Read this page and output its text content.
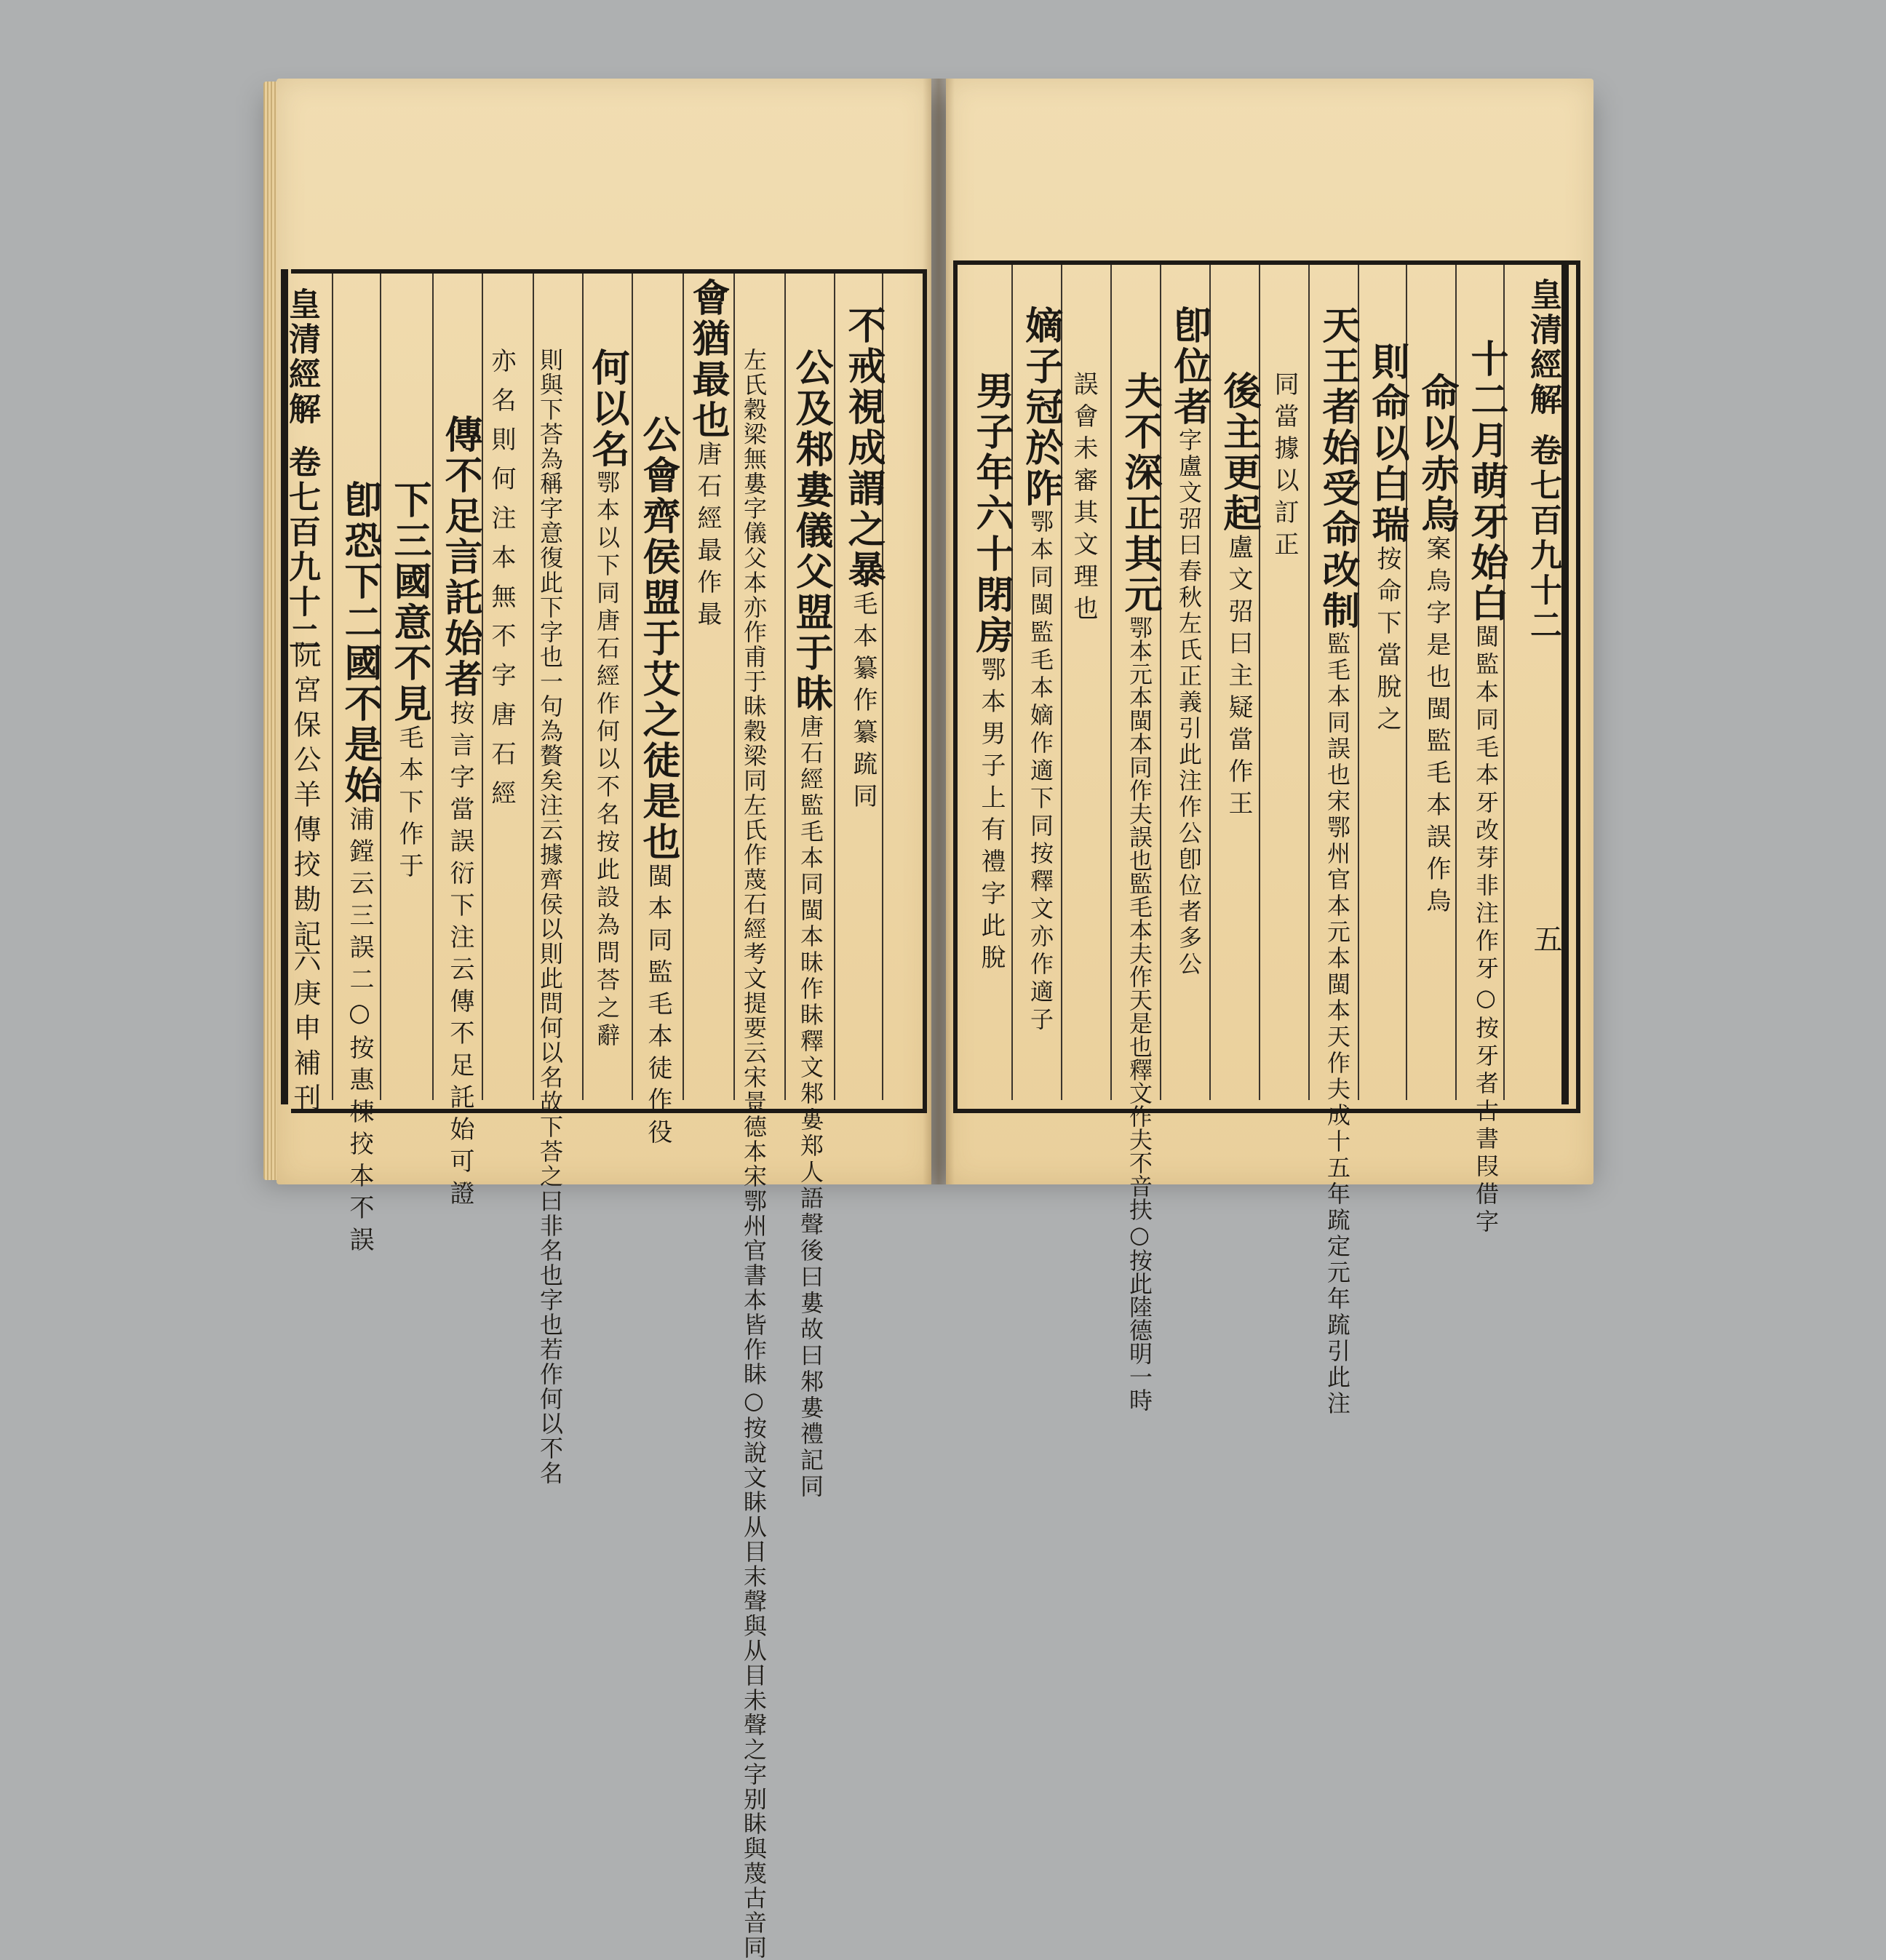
皇清經解
卷七百九十二
阮宮保公羊傳挍勘記
六
庚申補刊
不戒視成謂之暴毛本纂作纂䟽同
公及邾婁儀父盟于昧唐石經監毛本同閩本昧作眛釋文邾婁郑人語聲後曰婁故曰邾婁禮記同
左氏穀梁無婁字儀父本亦作甫于昧穀梁同左氏作蔑石經考文提要云宋景德本宋鄂州官書本皆作眛○按說文眛从目末聲與从目未聲之字别眛與蔑古音同
會猶最也唐石經最作最
公會齊侯盟于艾之徒是也閩本同監毛本徒作役
何以名鄂本以下同唐石經作何以不名按此設為問荅之辭
則與下荅為稱字意復此下字也一句為贅矣注云據齊侯以則此問何以名故下荅之曰非名也字也若作何以不名
亦名則何注本無不字唐石經
傳不足言託始者按言字當誤衍下注云傳不足託始可證
下三國意不見毛本下作于
卽恐下二國不是始浦鏜云三誤二○按惠棟挍本不誤
皇清經解
卷七百九十二
五
十二月萌牙始白閩監本同毛本牙改芽非注作牙○按牙者古書叚借字
命以赤烏案烏字是也閩監毛本誤作烏
則命以白瑞按命下當脫之
天王者始受命改制監毛本同誤也宋鄂州官本元本閩本天作夫成十五年䟽定元年䟽引此注
同當據以訂正
後主更起盧文弨曰主疑當作王
卽位者字盧文弨曰春秋左氏正義引此注作公卽位者多公
夫不深正其元鄂本元本閩本同作夫誤也監毛本夫作天是也釋文作夫不音扶○按此陸德明一時
誤會未審其文理也
嫡子冠於阼鄂本同閩監毛本嫡作適下同按釋文亦作適子
男子年六十閉房鄂本男子上有禮字此脫
